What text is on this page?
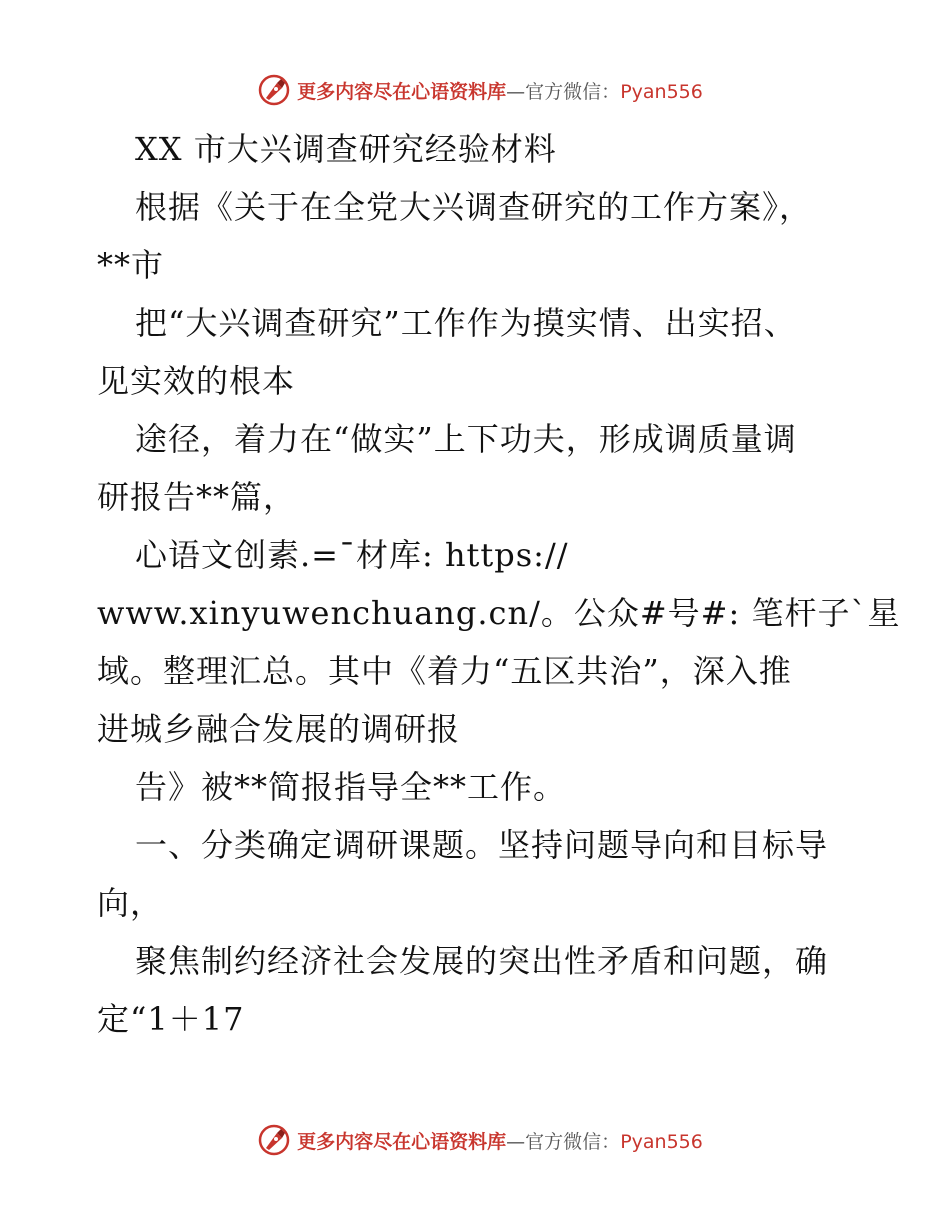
更多内容尽在心语资料库—官方微信：Pyan556
XX 市大兴调查研究经验材料
根据《关于在全党大兴调查研究的工作方案》，
**市
把“大兴调查研究”工作作为摸实情、出实招、
见实效的根本
途径，着力在“做实”上下功夫，形成调质量调
研报告**篇，
心语文创素.=¯材库: https://
www.xinyuwenchuang.cn/。公众#号#: 笔杆子`星
域。整理汇总。其中《着力“五区共治”，深入推
进城乡融合发展的调研报
告》被**简报指导全**工作。
一、分类确定调研课题。坚持问题导向和目标导
向，
聚焦制约经济社会发展的突出性矛盾和问题，确
定“1＋17
更多内容尽在心语资料库—官方微信：Pyan556
